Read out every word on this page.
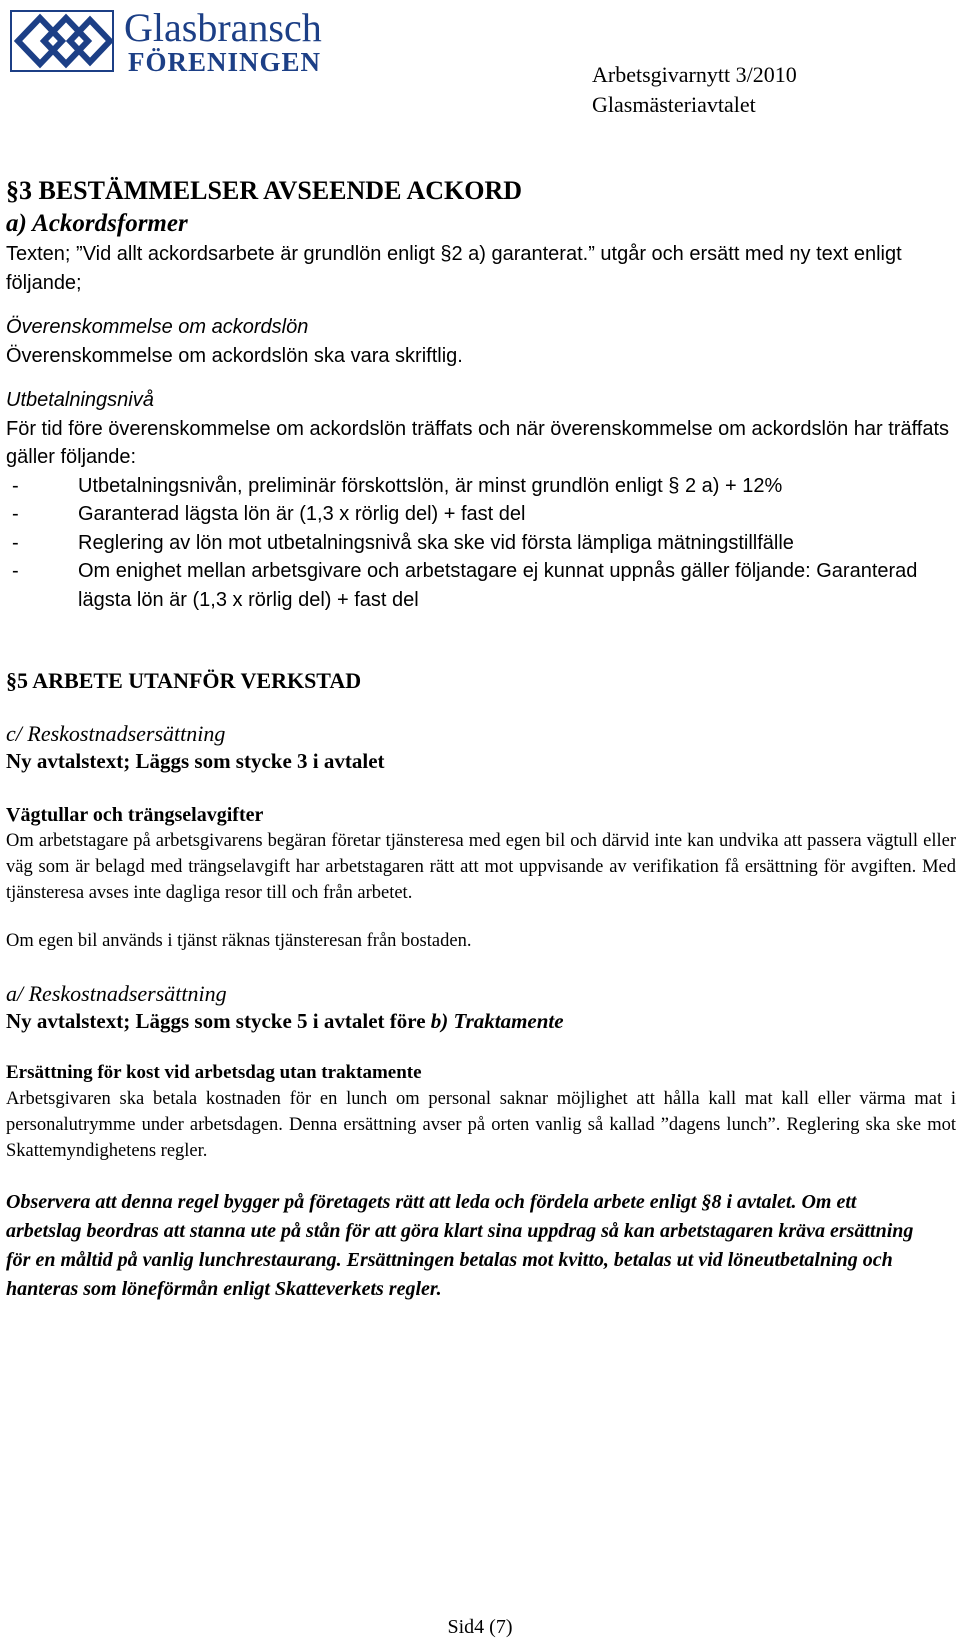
Glasbransch
FÖRENINGEN	Arbetsgivarnytt 3/2010
Glasmästeriavtalet
§3 BESTÄMMELSER AVSEENDE ACKORD
a) Ackordsformer

Texten; ”Vid allt ackordsarbete är grundlön enligt §2 a) garanterat.” utgår och ersätt med ny text enligt följande;

Överenskommelse om ackordslön

Överenskommelse om ackordslön ska vara skriftlig.

Utbetalningsnivå

För tid före överenskommelse om ackordslön träffats och när överenskommelse om ackordslön har träffats gäller följande:

-	Utbetalningsnivån, preliminär förskottslön, är minst grundlön enligt § 2 a) + 12%
-	Garanterad lägsta lön är (1,3 x rörlig del) + fast del
-	Reglering av lön mot utbetalningsnivå ska ske vid första lämpliga mätningstillfälle
-	Om enighet mellan arbetsgivare och arbetstagare ej kunnat uppnås gäller följande: Garanterad lägsta lön är (1,3 x rörlig del) + fast del
§5 ARBETE UTANFÖR VERKSTAD

c/ Reskostnadsersättning

Ny avtalstext; Läggs som stycke 3 i avtalet

Vägtullar och trängselavgifter

Om arbetstagare på arbetsgivarens begäran företar tjänsteresa med egen bil och därvid inte kan undvika att passera vägtull eller väg som är belagd med trängselavgift har arbetstagaren rätt att mot uppvisande av verifikation få ersättning för avgiften. Med tjänsteresa avses inte dagliga resor till och från arbetet.

Om egen bil används i tjänst räknas tjänsteresan från bostaden.

a/ Reskostnadsersättning

Ny avtalstext; Läggs som stycke 5 i avtalet före b) Traktamente

Ersättning för kost vid arbetsdag utan traktamente

Arbetsgivaren ska betala kostnaden för en lunch om personal saknar möjlighet att hålla kall mat kall eller värma mat i personalutrymme under arbetsdagen. Denna ersättning avser på orten vanlig så kallad ”dagens lunch”. Reglering ska ske mot Skattemyndighetens regler.

Observera att denna regel bygger på företagets rätt att leda och fördela arbete enligt §8 i avtalet. Om ett arbetslag beordras att stanna ute på stån för att göra klart sina uppdrag så kan arbetstagaren kräva ersättning för en måltid på vanlig lunchrestaurang. Ersättningen betalas mot kvitto, betalas ut vid löneutbetalning och hanteras som löneförmån enligt Skatteverkets regler.

Sid4 (7)
